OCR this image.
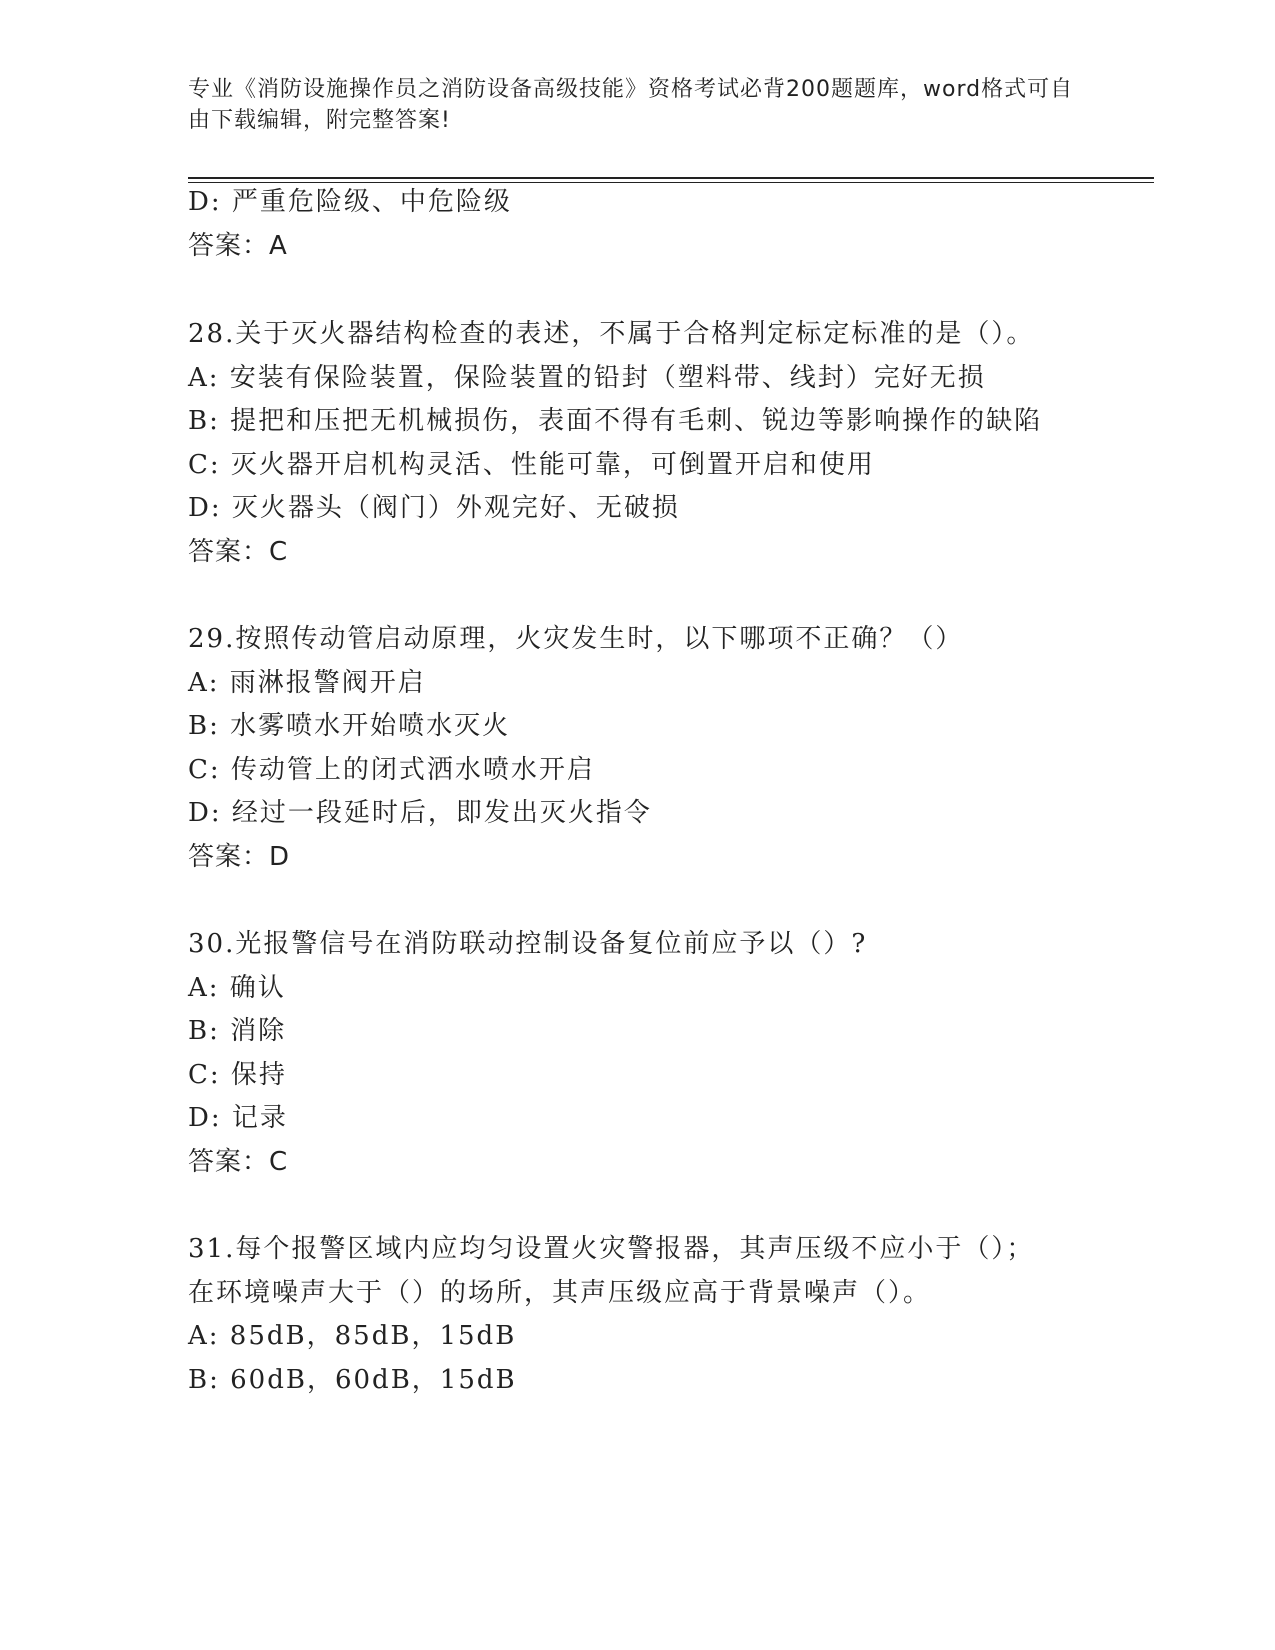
专业《消防设施操作员之消防设备高级技能》资格考试必背200题题库，word格式可自由下载编辑，附完整答案!
D: 严重危险级、中危险级
答案：A
28.关于灭火器结构检查的表述，不属于合格判定标定标准的是（）。
A: 安装有保险装置，保险装置的铅封（塑料带、线封）完好无损
B: 提把和压把无机械损伤，表面不得有毛刺、锐边等影响操作的缺陷
C: 灭火器开启机构灵活、性能可靠，可倒置开启和使用
D: 灭火器头（阀门）外观完好、无破损
答案：C
29.按照传动管启动原理，火灾发生时，以下哪项不正确？（）
A: 雨淋报警阀开启
B: 水雾喷水开始喷水灭火
C: 传动管上的闭式洒水喷水开启
D: 经过一段延时后，即发出灭火指令
答案：D
30.光报警信号在消防联动控制设备复位前应予以（）?
A: 确认
B: 消除
C: 保持
D: 记录
答案：C
31.每个报警区域内应均匀设置火灾警报器，其声压级不应小于（）；
在环境噪声大于（）的场所，其声压级应高于背景噪声（）。
A: 85dB，85dB，15dB
B: 60dB，60dB，15dB
